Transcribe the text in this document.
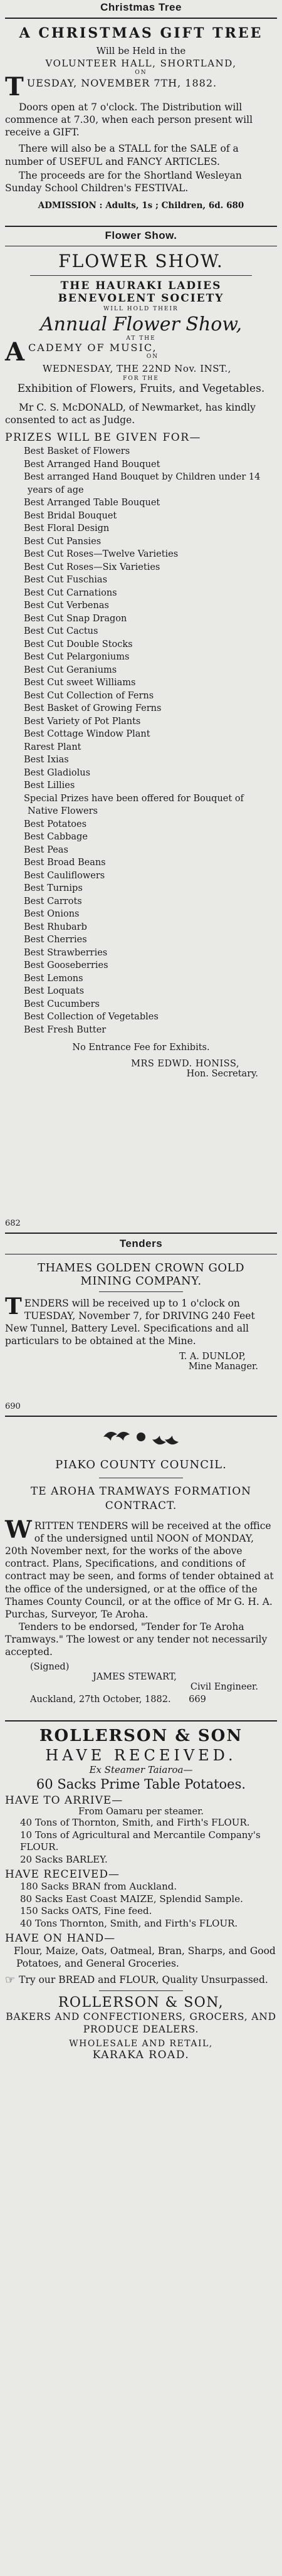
Christmas Tree
A CHRISTMAS GIFT TREE
Will be Held in the
VOLUNTEER HALL, SHORTLAND,
ON
T UESDAY, NOVEMBER 7TH, 1882.
Doors open at 7 o'clock. The Distribution will commence at 7.30, when each person present will receive a GIFT.
There will also be a STALL for the SALE of a number of USEFUL and FANCY ARTICLES.
The proceeds are for the Shortland Wesleyan Sunday School Children's FESTIVAL.
ADMISSION : Adults, 1s ; Children, 6d. 680
Flower Show.
FLOWER SHOW.
THE HAURAKI LADIES
BENEVOLENT SOCIETY
WILL HOLD THEIR
Annual Flower Show,
AT THE
A CADEMY OF MUSIC,
ON
WEDNESDAY, THE 22ND Nov. INST.,
FOR THE
Exhibition of Flowers, Fruits, and Vegetables.
Mr C. S. McDONALD, of Newmarket, has kindly consented to act as Judge.
PRIZES WILL BE GIVEN FOR—
Best Basket of Flowers
Best Arranged Hand Bouquet
Best arranged Hand Bouquet by Children under 14 years of age
Best Arranged Table Bouquet
Best Bridal Bouquet
Best Floral Design
Best Cut Pansies
Best Cut Roses—Twelve Varieties
Best Cut Roses—Six Varieties
Best Cut Fuschias
Best Cut Carnations
Best Cut Verbenas
Best Cut Snap Dragon
Best Cut Cactus
Best Cut Double Stocks
Best Cut Pelargoniums
Best Cut Geraniums
Best Cut sweet Williams
Best Cut Collection of Ferns
Best Basket of Growing Ferns
Best Variety of Pot Plants
Best Cottage Window Plant
Rarest Plant
Best Ixias
Best Gladiolus
Best Lillies
Special Prizes have been offered for Bouquet of Native Flowers
Best Potatoes
Best Cabbage
Best Peas
Best Broad Beans
Best Cauliflowers
Best Turnips
Best Carrots
Best Onions
Best Rhubarb
Best Cherries
Best Strawberries
Best Gooseberries
Best Lemons
Best Loquats
Best Cucumbers
Best Collection of Vegetables
Best Fresh Butter
No Entrance Fee for Exhibits.
MRS EDWD. HONISS,
Hon. Secretary.
682
Tenders
THAMES GOLDEN CROWN GOLD
MINING COMPANY.
T ENDERS will be received up to 1 o'clock on TUESDAY, November 7, for DRIVING 240 Feet New Tunnel, Battery Level. Specifications and all particulars to be obtained at the Mine.
T. A. DUNLOP,
Mine Manager.
690
PIAKO COUNTY COUNCIL.
TE AROHA TRAMWAYS FORMATION CONTRACT.
W RITTEN TENDERS will be received at the office of the undersigned until NOON of MONDAY, 20th November next, for the works of the above contract. Plans, Specifications, and conditions of contract may be seen, and forms of tender obtained at the office of the undersigned, or at the office of the Thames County Council, or at the office of Mr G. H. A. Purchas, Surveyor, Te Aroha.
Tenders to be endorsed, "Tender for Te Aroha Tramways." The lowest or any tender not necessarily accepted.
(Signed)
JAMES STEWART,
Civil Engineer.
Auckland, 27th October, 1882. 669
ROLLERSON & SON
HAVE RECEIVED.
Ex Steamer Taiaroa—
60 Sacks Prime Table Potatoes.
HAVE TO ARRIVE—
From Oamaru per steamer.
40 Tons of Thornton, Smith, and Firth's FLOUR.
10 Tons of Agricultural and Mercantile Company's FLOUR.
20 Sacks BARLEY.
HAVE RECEIVED—
180 Sacks BRAN from Auckland.
80 Sacks East Coast MAIZE, Splendid Sample.
150 Sacks OATS, Fine feed.
40 Tons Thornton, Smith, and Firth's FLOUR.
HAVE ON HAND—
Flour, Maize, Oats, Oatmeal, Bran, Sharps, and Good Potatoes, and General Groceries.
☞ Try our BREAD and FLOUR, Quality Unsurpassed.
ROLLERSON & SON,
BAKERS AND CONFECTIONERS, GROCERS, AND PRODUCE DEALERS.
WHOLESALE AND RETAIL,
KARAKA ROAD.
